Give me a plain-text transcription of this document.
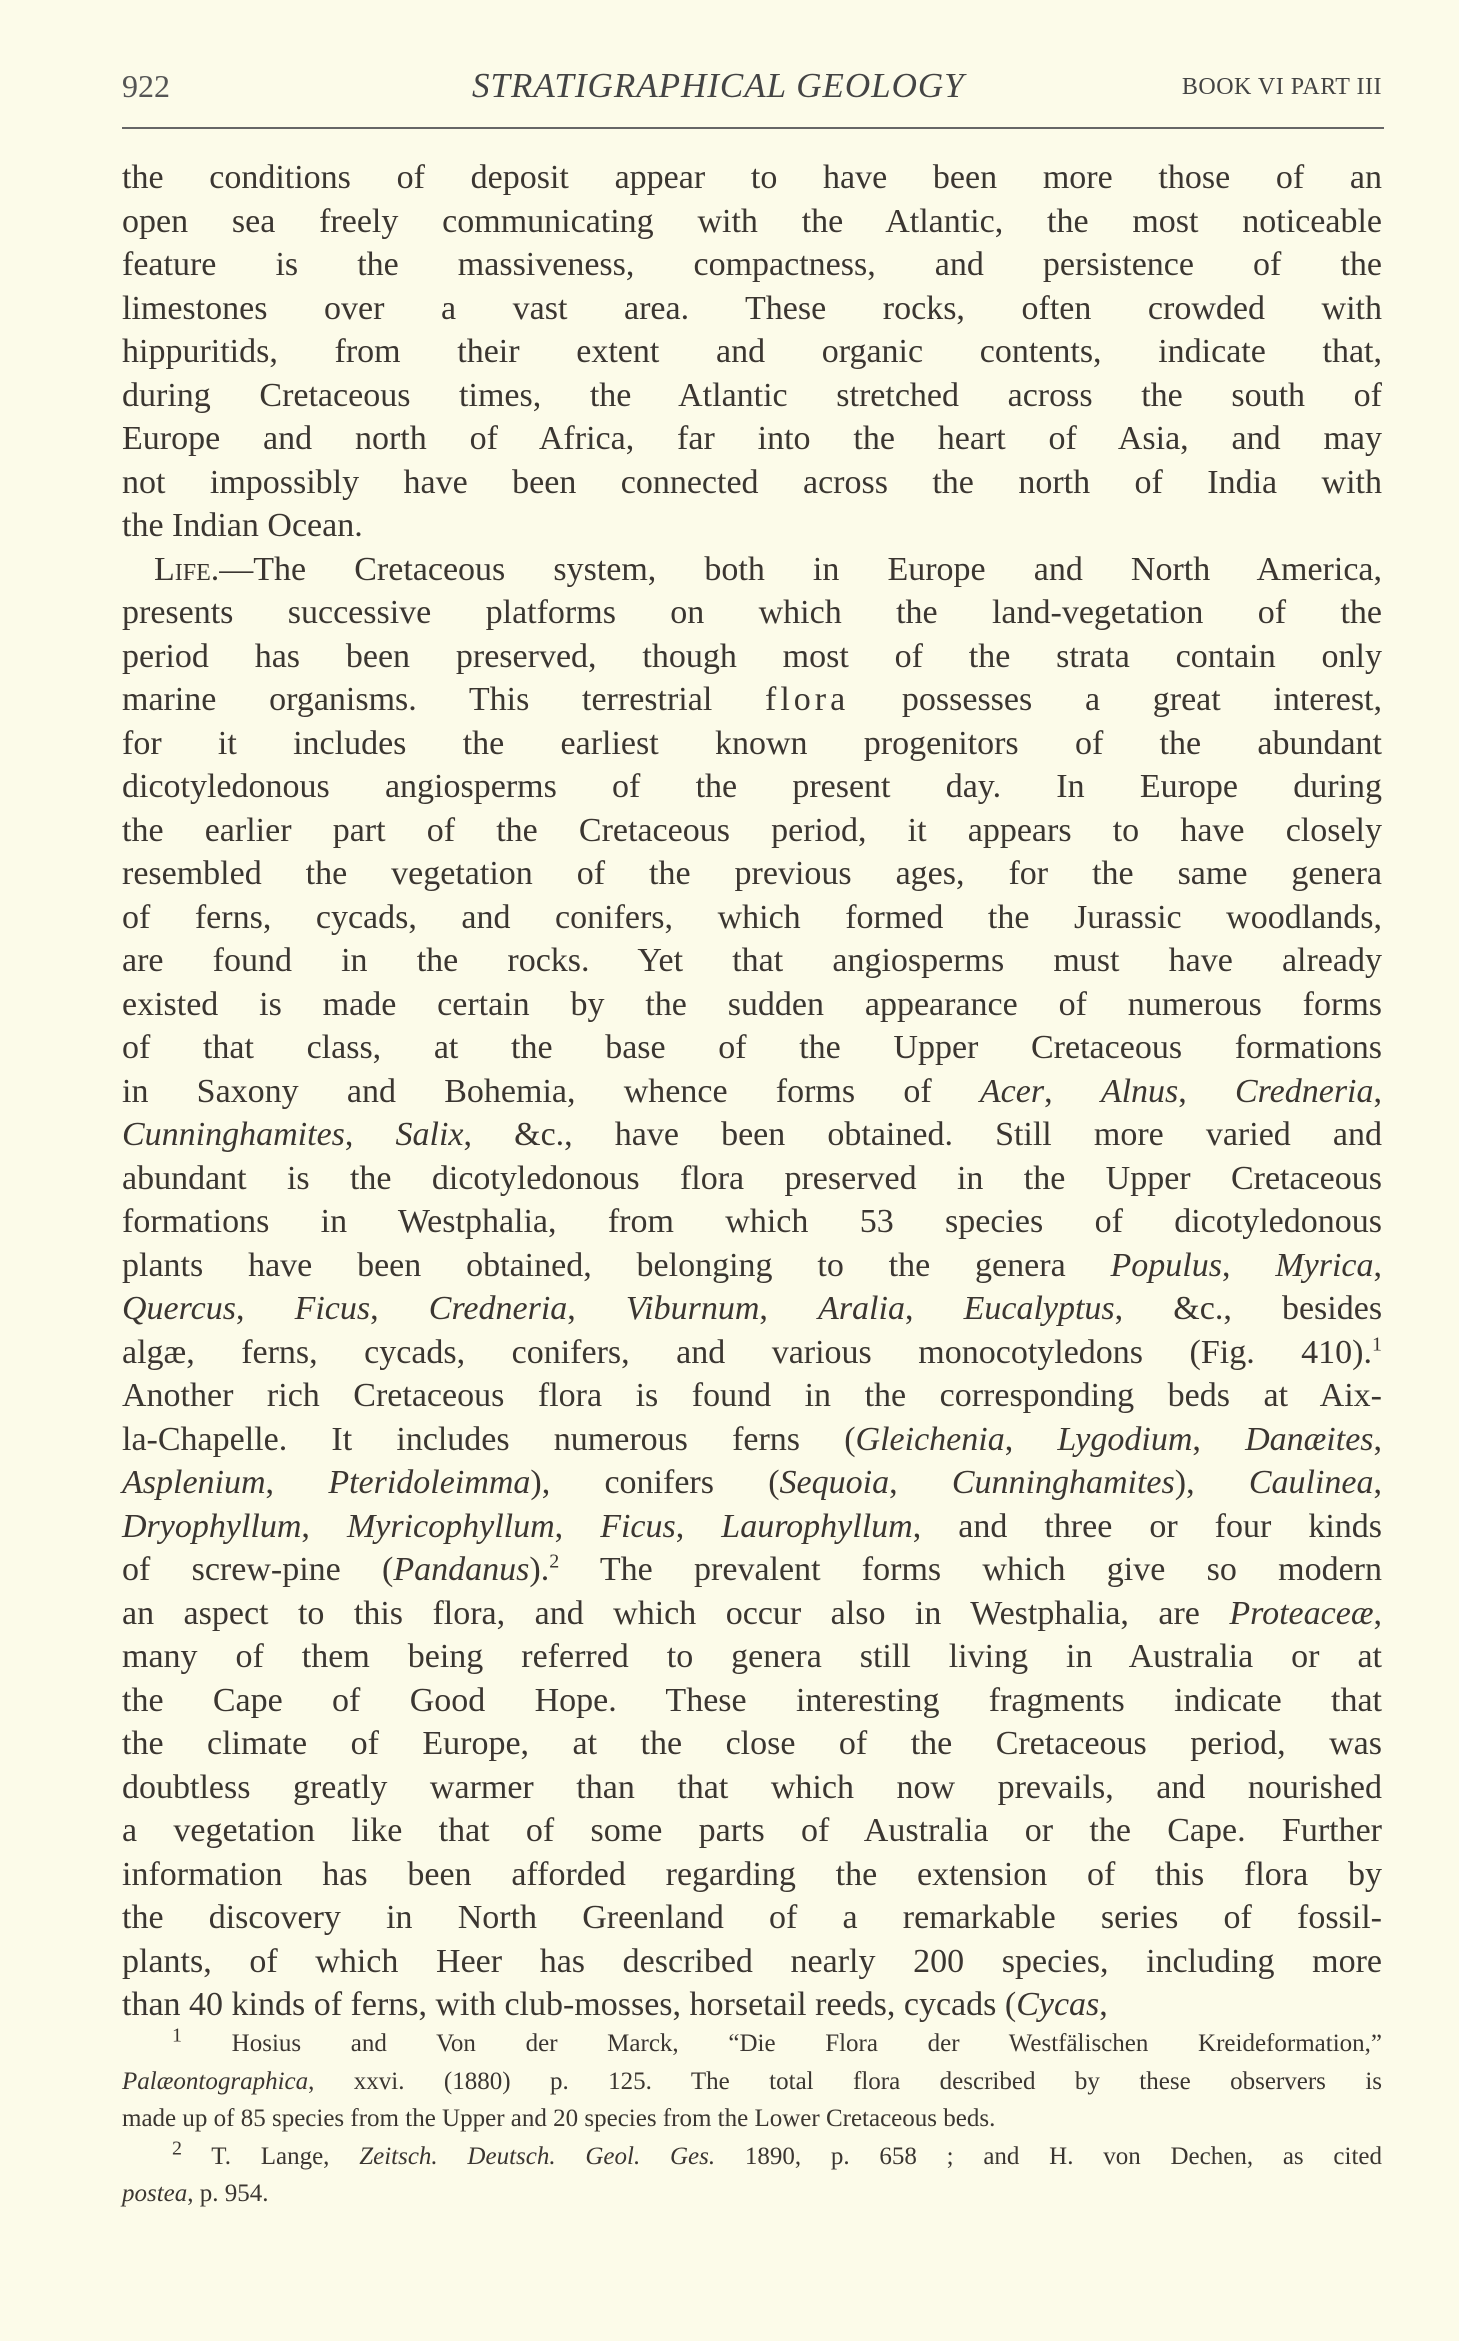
922	STRATIGRAPHICAL GEOLOGY	BOOK VI PART III
the conditions of deposit appear to have been more those of an
open sea freely communicating with the Atlantic, the most noticeable
feature is the massiveness, compactness, and persistence of the
limestones over a vast area. These rocks, often crowded with
hippuritids, from their extent and organic contents, indicate that,
during Cretaceous times, the Atlantic stretched across the south of
Europe and north of Africa, far into the heart of Asia, and may
not impossibly have been connected across the north of India with
the Indian Ocean.
Life.—The Cretaceous system, both in Europe and North America,
presents successive platforms on which the land-vegetation of the
period has been preserved, though most of the strata contain only
marine organisms. This terrestrial flora possesses a great interest,
for it includes the earliest known progenitors of the abundant
dicotyledonous angiosperms of the present day. In Europe during
the earlier part of the Cretaceous period, it appears to have closely
resembled the vegetation of the previous ages, for the same genera
of ferns, cycads, and conifers, which formed the Jurassic woodlands,
are found in the rocks. Yet that angiosperms must have already
existed is made certain by the sudden appearance of numerous forms
of that class, at the base of the Upper Cretaceous formations
in Saxony and Bohemia, whence forms of Acer, Alnus, Credneria,
Cunninghamites, Salix, &c., have been obtained. Still more varied and
abundant is the dicotyledonous flora preserved in the Upper Cretaceous
formations in Westphalia, from which 53 species of dicotyledonous
plants have been obtained, belonging to the genera Populus, Myrica,
Quercus, Ficus, Credneria, Viburnum, Aralia, Eucalyptus, &c., besides
algæ, ferns, cycads, conifers, and various monocotyledons (Fig. 410).$^1$
Another rich Cretaceous flora is found in the corresponding beds at Aix-
la-Chapelle. It includes numerous ferns (Gleichenia, Lygodium, Danæites,
Asplenium, Pteridoleimma), conifers (Sequoia, Cunninghamites), Caulinea,
Dryophyllum, Myricophyllum, Ficus, Laurophyllum, and three or four kinds
of screw-pine (Pandanus).$^2$ The prevalent forms which give so modern
an aspect to this flora, and which occur also in Westphalia, are Proteaceæ,
many of them being referred to genera still living in Australia or at
the Cape of Good Hope. These interesting fragments indicate that
the climate of Europe, at the close of the Cretaceous period, was
doubtless greatly warmer than that which now prevails, and nourished
a vegetation like that of some parts of Australia or the Cape. Further
information has been afforded regarding the extension of this flora by
the discovery in North Greenland of a remarkable series of fossil-
plants, of which Heer has described nearly 200 species, including more
than 40 kinds of ferns, with club-mosses, horsetail reeds, cycads (Cycas,
$^1$ Hosius and Von der Marck, “Die Flora der Westfälischen Kreideformation,”
Palæontographica, xxvi. (1880) p. 125. The total flora described by these observers is
made up of 85 species from the Upper and 20 species from the Lower Cretaceous beds.
$^2$ T. Lange, Zeitsch. Deutsch. Geol. Ges. 1890, p. 658 ; and H. von Dechen, as cited
postea, p. 954.
